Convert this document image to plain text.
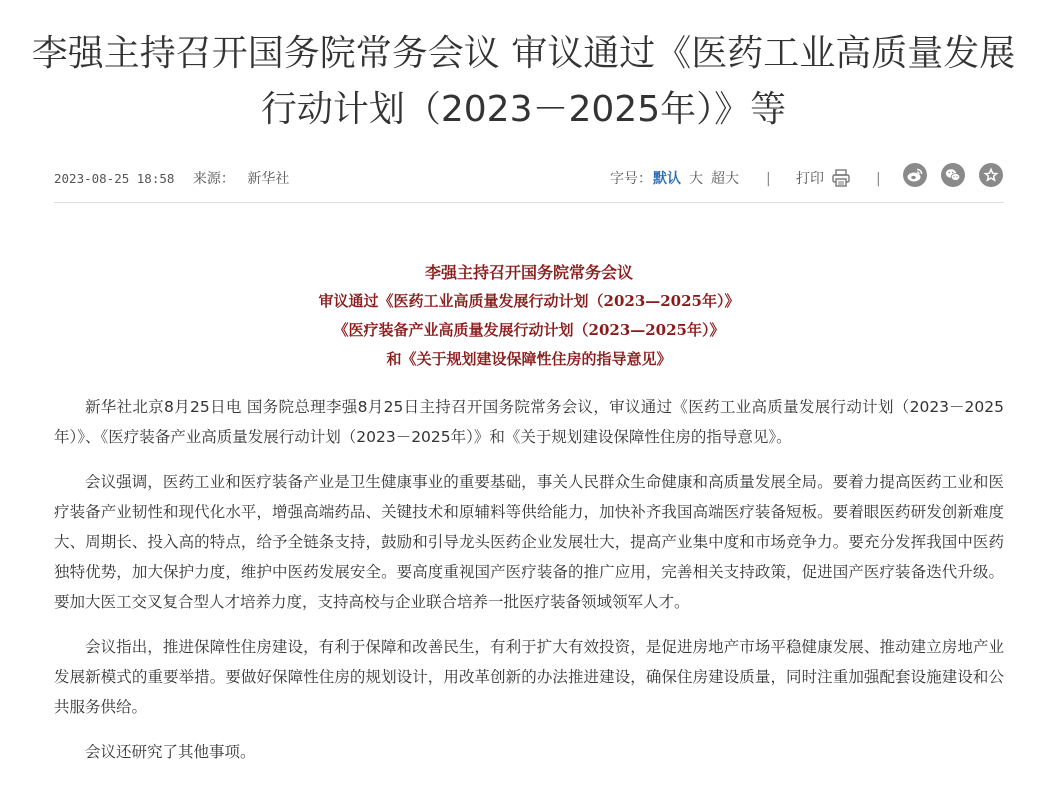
李强主持召开国务院常务会议 审议通过《医药工业高质量发展行动计划（2023－2025年）》等
2023-08-25 18:58 来源： 新华社	字号： 默认 大 超大 | 打印	|
李强主持召开国务院常务会议
审议通过《医药工业高质量发展行动计划（2023—2025年）》
《医疗装备产业高质量发展行动计划（2023—2025年）》
和《关于规划建设保障性住房的指导意见》

新华社北京8月25日电 国务院总理李强8月25日主持召开国务院常务会议，审议通过《医药工业高质量发展行动计划（2023－2025年）》、《医疗装备产业高质量发展行动计划（2023－2025年）》和《关于规划建设保障性住房的指导意见》。

会议强调，医药工业和医疗装备产业是卫生健康事业的重要基础，事关人民群众生命健康和高质量发展全局。要着力提高医药工业和医疗装备产业韧性和现代化水平，增强高端药品、关键技术和原辅料等供给能力，加快补齐我国高端医疗装备短板。要着眼医药研发创新难度大、周期长、投入高的特点，给予全链条支持，鼓励和引导龙头医药企业发展壮大，提高产业集中度和市场竞争力。要充分发挥我国中医药独特优势，加大保护力度，维护中医药发展安全。要高度重视国产医疗装备的推广应用，完善相关支持政策，促进国产医疗装备迭代升级。要加大医工交叉复合型人才培养力度，支持高校与企业联合培养一批医疗装备领域领军人才。

会议指出，推进保障性住房建设，有利于保障和改善民生，有利于扩大有效投资，是促进房地产市场平稳健康发展、推动建立房地产业发展新模式的重要举措。要做好保障性住房的规划设计，用改革创新的办法推进建设，确保住房建设质量，同时注重加强配套设施建设和公共服务供给。

会议还研究了其他事项。
